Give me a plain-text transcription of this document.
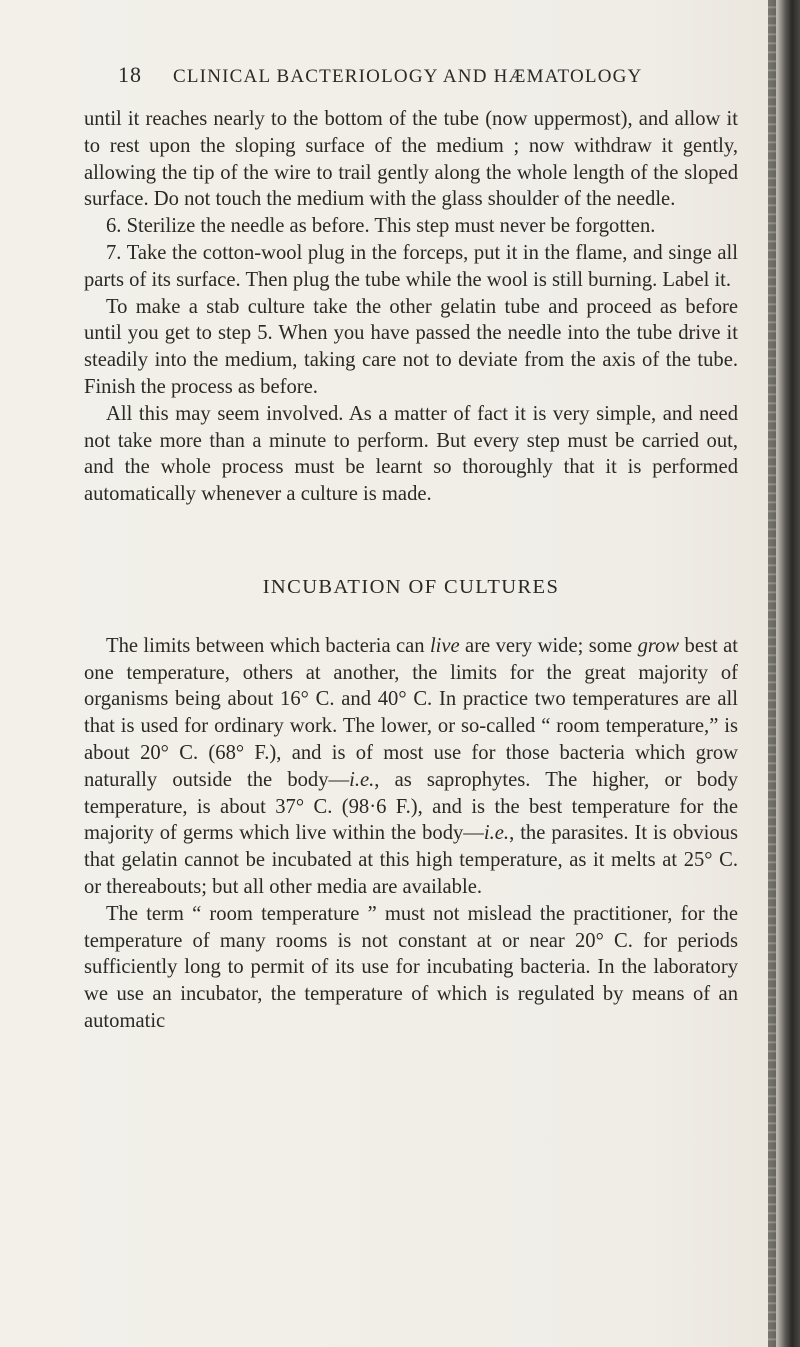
18	CLINICAL BACTERIOLOGY AND HÆMATOLOGY

until it reaches nearly to the bottom of the tube (now uppermost), and allow it to rest upon the sloping surface of the medium ; now withdraw it gently, allowing the tip of the wire to trail gently along the whole length of the sloped surface. Do not touch the medium with the glass shoulder of the needle.

6. Sterilize the needle as before. This step must never be forgotten.

7. Take the cotton-wool plug in the forceps, put it in the flame, and singe all parts of its surface. Then plug the tube while the wool is still burning. Label it.

To make a stab culture take the other gelatin tube and proceed as before until you get to step 5. When you have passed the needle into the tube drive it steadily into the medium, taking care not to deviate from the axis of the tube. Finish the process as before.

All this may seem involved. As a matter of fact it is very simple, and need not take more than a minute to perform. But every step must be carried out, and the whole process must be learnt so thoroughly that it is performed automatically whenever a culture is made.

INCUBATION OF CULTURES

The limits between which bacteria can live are very wide; some grow best at one temperature, others at another, the limits for the great majority of organisms being about 16° C. and 40° C. In practice two temperatures are all that is used for ordinary work. The lower, or so-called “ room temperature,” is about 20° C. (68° F.), and is of most use for those bacteria which grow naturally outside the body—i.e., as saprophytes. The higher, or body temperature, is about 37° C. (98·6 F.), and is the best temperature for the majority of germs which live within the body—i.e., the parasites. It is obvious that gelatin cannot be incubated at this high temperature, as it melts at 25° C. or thereabouts; but all other media are available.

The term “ room temperature ” must not mislead the practitioner, for the temperature of many rooms is not constant at or near 20° C. for periods sufficiently long to permit of its use for incubating bacteria. In the laboratory we use an incubator, the temperature of which is regulated by means of an automatic
